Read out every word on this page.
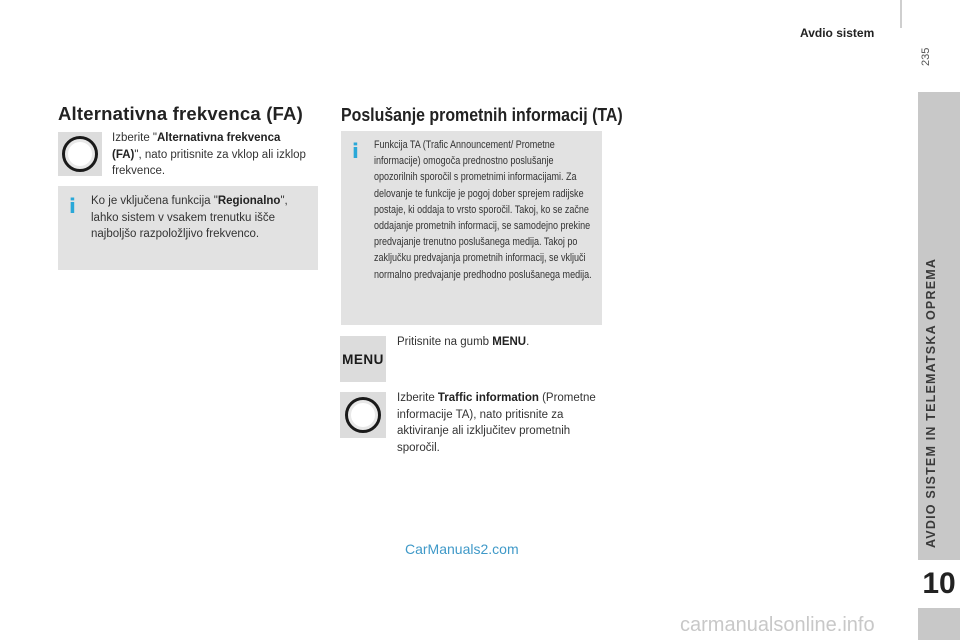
Avdio sistem
235
AVDIO SISTEM IN TELEMATSKA OPREMA
10
Alternativna frekvenca (FA)
Izberite "Alternativna frekvenca (FA)", nato pritisnite za vklop ali izklop frekvence.
i Ko je vključena funkcija "Regionalno", lahko sistem v vsakem trenutku išče najboljšo razpoložljivo frekvenco.
Poslušanje prometnih informacij (TA)
i Funkcija TA (Trafic Announcement/ Prometne informacije) omogoča prednostno poslušanje opozorilnih sporočil s prometnimi informacijami. Za delovanje te funkcije je pogoj dober sprejem radijske postaje, ki oddaja to vrsto sporočil. Takoj, ko se začne oddajanje prometnih informacij, se samodejno prekine predvajanje trenutno poslušanega medija. Takoj po zaključku predvajanja prometnih informacij, se vključi normalno predvajanje predhodno poslušanega medija.
MENU
Pritisnite na gumb MENU.
Izberite Traffic information (Prometne informacije TA), nato pritisnite za aktiviranje ali izključitev prometnih sporočil.
CarManuals2.com
carmanualsonline.info
